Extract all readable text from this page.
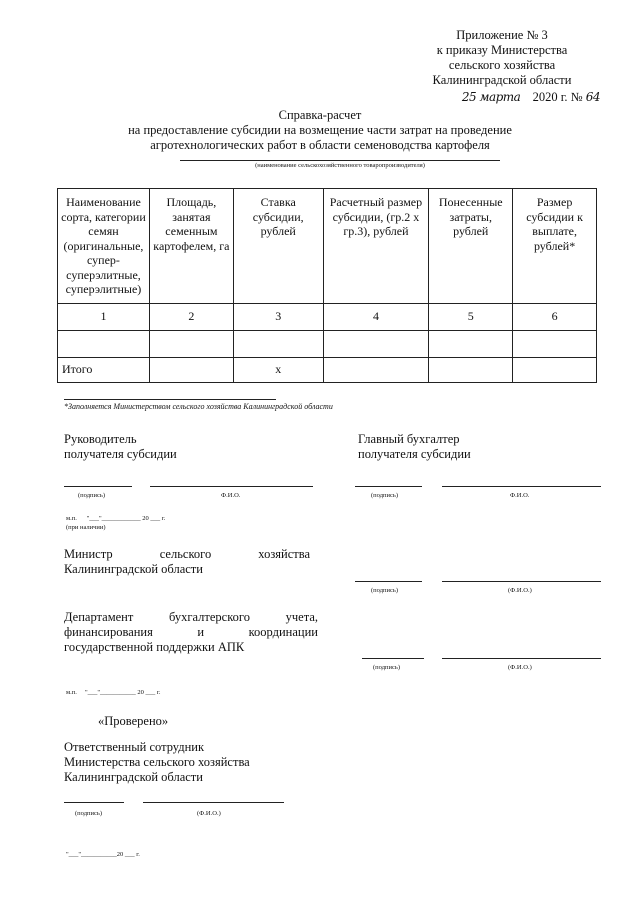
Приложение № 3
к приказу Министерства
сельского хозяйства
Калининградской области
25 марта 2020 г. № 64
Справка-расчет
на предоставление субсидии на возмещение части затрат на проведение
агротехнологических работ в области семеноводства картофеля
(наименование сельскохозяйственного товаропроизводителя)
Наименование сорта, категории семян (оригинальные, супер-суперэлитные, суперэлитные)	Площадь, занятая семенным картофелем, га	Ставка субсидии, рублей	Расчетный размер субсидии, (гр.2 х гр.3), рублей	Понесенные затраты, рублей	Размер субсидии к выплате, рублей*
1	2	3	4	5	6

Итого		х			
*Заполняется Министерством сельского хозяйства Калининградской области
Руководитель
получателя субсидии
Главный бухгалтер
получателя субсидии
(подпись)	Ф.И.О.	(подпись)	Ф.И.О.
м.п.      "___"____________ 20 ___ г.
(при наличии)
Министр	сельского	хозяйства
Калининградской области
(подпись)	(Ф.И.О.)
Департамент	бухгалтерского	учета,
финансирования	и	координации
государственной поддержки АПК
(подпись)	(Ф.И.О.)
м.п.     "___"___________ 20 ___ г.
«Проверено»
Ответственный сотрудник
Министерства сельского хозяйства
Калининградской области
(подпись)	(Ф.И.О.)
"___"___________20 ___ г.
